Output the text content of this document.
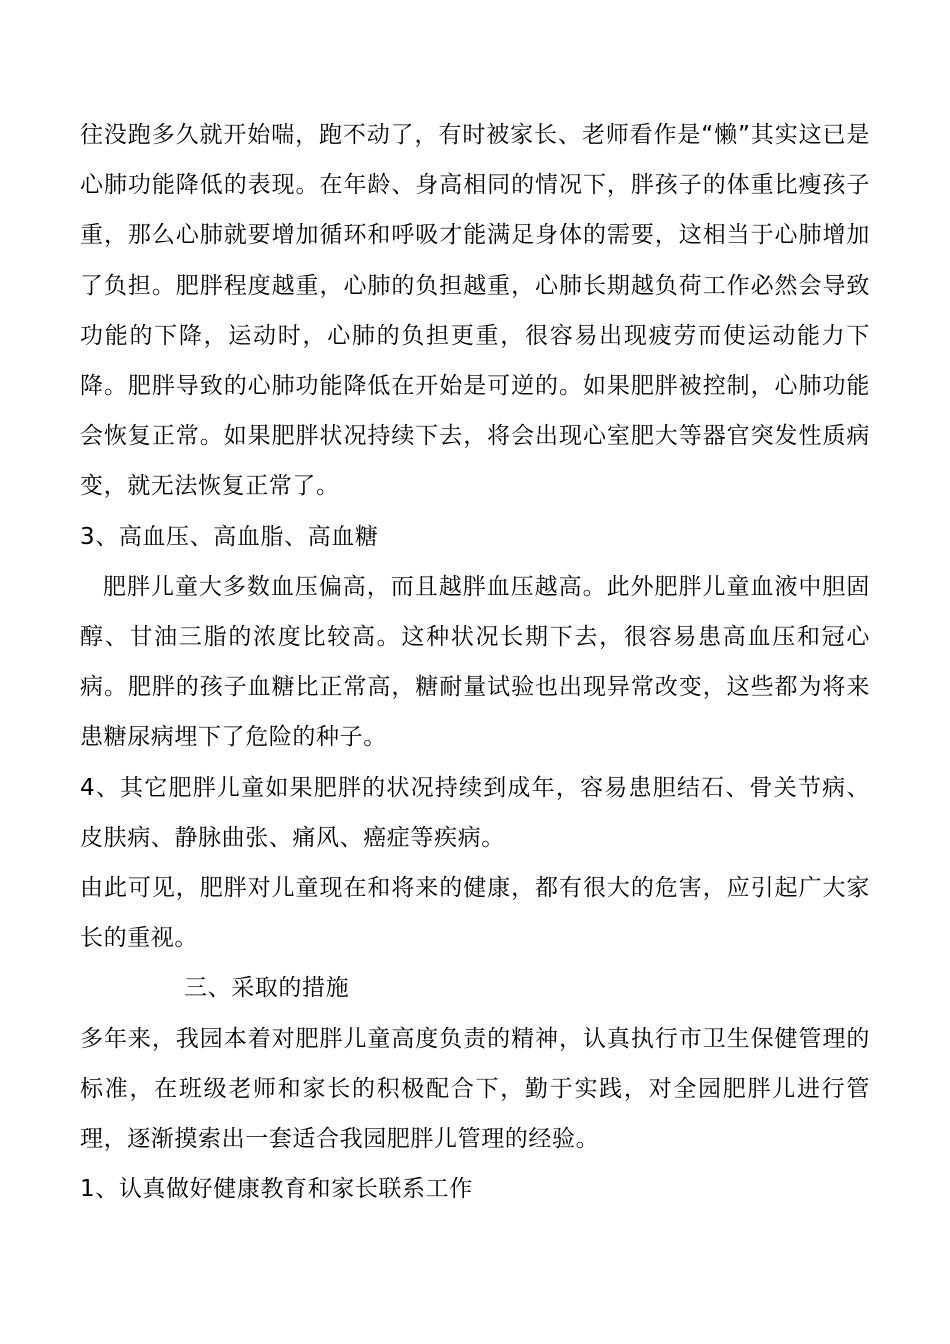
往没跑多久就开始喘，跑不动了，有时被家长、老师看作是“懒”其实这已是心肺功能降低的表现。在年龄、身高相同的情况下，胖孩子的体重比瘦孩子重，那么心肺就要增加循环和呼吸才能满足身体的需要，这相当于心肺增加了负担。肥胖程度越重，心肺的负担越重，心肺长期越负荷工作必然会导致功能的下降，运动时，心肺的负担更重，很容易出现疲劳而使运动能力下降。肥胖导致的心肺功能降低在开始是可逆的。如果肥胖被控制，心肺功能会恢复正常。如果肥胖状况持续下去，将会出现心室肥大等器官突发性质病变，就无法恢复正常了。

3、高血压、高血脂、高血糖

肥胖儿童大多数血压偏高，而且越胖血压越高。此外肥胖儿童血液中胆固醇、甘油三脂的浓度比较高。这种状况长期下去，很容易患高血压和冠心病。肥胖的孩子血糖比正常高，糖耐量试验也出现异常改变，这些都为将来患糖尿病埋下了危险的种子。

4、其它肥胖儿童如果肥胖的状况持续到成年，容易患胆结石、骨关节病、皮肤病、静脉曲张、痛风、癌症等疾病。

由此可见，肥胖对儿童现在和将来的健康，都有很大的危害，应引起广大家长的重视。

三、采取的措施

多年来，我园本着对肥胖儿童高度负责的精神，认真执行市卫生保健管理的标准，在班级老师和家长的积极配合下，勤于实践，对全园肥胖儿进行管理，逐渐摸索出一套适合我园肥胖儿管理的经验。

1、认真做好健康教育和家长联系工作
